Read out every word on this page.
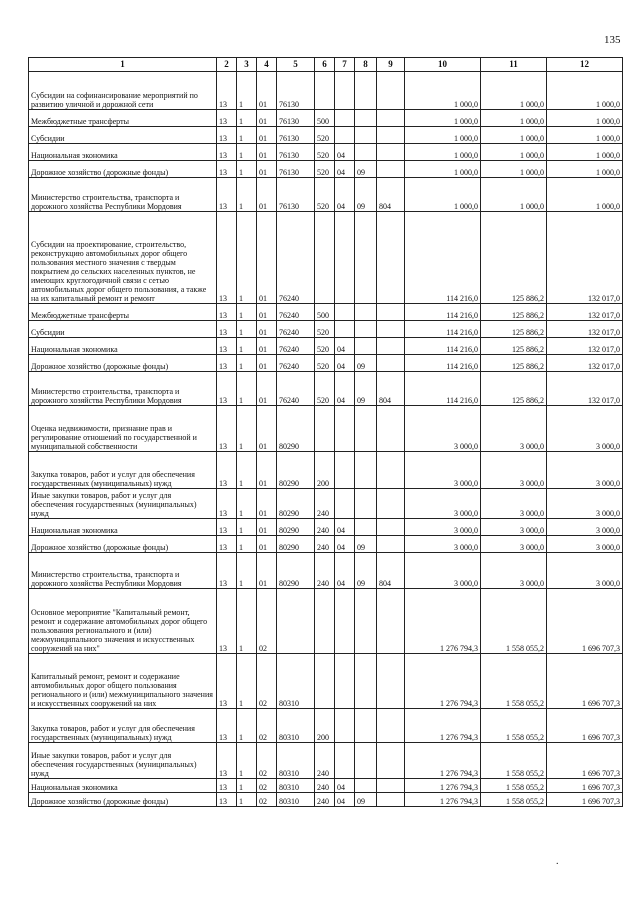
135
1	2	3	4	5	6	7	8	9	10	11	12
Субсидии на софинансирование мероприятий по развитию уличной и дорожной сети	13	1	01	76130					1 000,0	1 000,0	1 000,0
Межбюджетные трансферты	13	1	01	76130	500				1 000,0	1 000,0	1 000,0
Субсидии	13	1	01	76130	520				1 000,0	1 000,0	1 000,0
Национальная экономика	13	1	01	76130	520	04			1 000,0	1 000,0	1 000,0
Дорожное хозяйство (дорожные фонды)	13	1	01	76130	520	04	09		1 000,0	1 000,0	1 000,0
Министерство строительства, транспорта и дорожного хозяйства Республики Мордовия	13	1	01	76130	520	04	09	804	1 000,0	1 000,0	1 000,0
Субсидии на проектирование, строительство, реконструкцию автомобильных дорог общего пользования местного значения с твердым покрытием до сельских населенных пунктов, не имеющих круглогодичной связи с сетью автомобильных дорог общего пользования, а также на их капитальный ремонт и ремонт	13	1	01	76240					114 216,0	125 886,2	132 017,0
Межбюджетные трансферты	13	1	01	76240	500				114 216,0	125 886,2	132 017,0
Субсидии	13	1	01	76240	520				114 216,0	125 886,2	132 017,0
Национальная экономика	13	1	01	76240	520	04			114 216,0	125 886,2	132 017,0
Дорожное хозяйство (дорожные фонды)	13	1	01	76240	520	04	09		114 216,0	125 886,2	132 017,0
Министерство строительства, транспорта и дорожного хозяйства Республики Мордовия	13	1	01	76240	520	04	09	804	114 216,0	125 886,2	132 017,0
Оценка недвижимости, признание прав и регулирование отношений по государственной и муниципальной собственности	13	1	01	80290					3 000,0	3 000,0	3 000,0
Закупка товаров, работ и услуг для обеспечения государственных (муниципальных) нужд	13	1	01	80290	200				3 000,0	3 000,0	3 000,0
Иные закупки товаров, работ и услуг для обеспечения государственных (муниципальных) нужд	13	1	01	80290	240				3 000,0	3 000,0	3 000,0
Национальная экономика	13	1	01	80290	240	04			3 000,0	3 000,0	3 000,0
Дорожное хозяйство (дорожные фонды)	13	1	01	80290	240	04	09		3 000,0	3 000,0	3 000,0
Министерство строительства, транспорта и дорожного хозяйства Республики Мордовия	13	1	01	80290	240	04	09	804	3 000,0	3 000,0	3 000,0
Основное мероприятие "Капитальный ремонт, ремонт и содержание автомобильных дорог общего пользования регионального и (или) межмуниципального значения и искусственных сооружений на них"	13	1	02						1 276 794,3	1 558 055,2	1 696 707,3
Капитальный ремонт, ремонт и содержание автомобильных дорог общего пользования регионального и (или) межмуниципального значения и искусственных сооружений на них	13	1	02	80310					1 276 794,3	1 558 055,2	1 696 707,3
Закупка товаров, работ и услуг для обеспечения государственных (муниципальных) нужд	13	1	02	80310	200				1 276 794,3	1 558 055,2	1 696 707,3
Иные закупки товаров, работ и услуг для обеспечения государственных (муниципальных) нужд	13	1	02	80310	240				1 276 794,3	1 558 055,2	1 696 707,3
Национальная экономика	13	1	02	80310	240	04			1 276 794,3	1 558 055,2	1 696 707,3
Дорожное хозяйство (дорожные фонды)	13	1	02	80310	240	04	09		1 276 794,3	1 558 055,2	1 696 707,3
.
